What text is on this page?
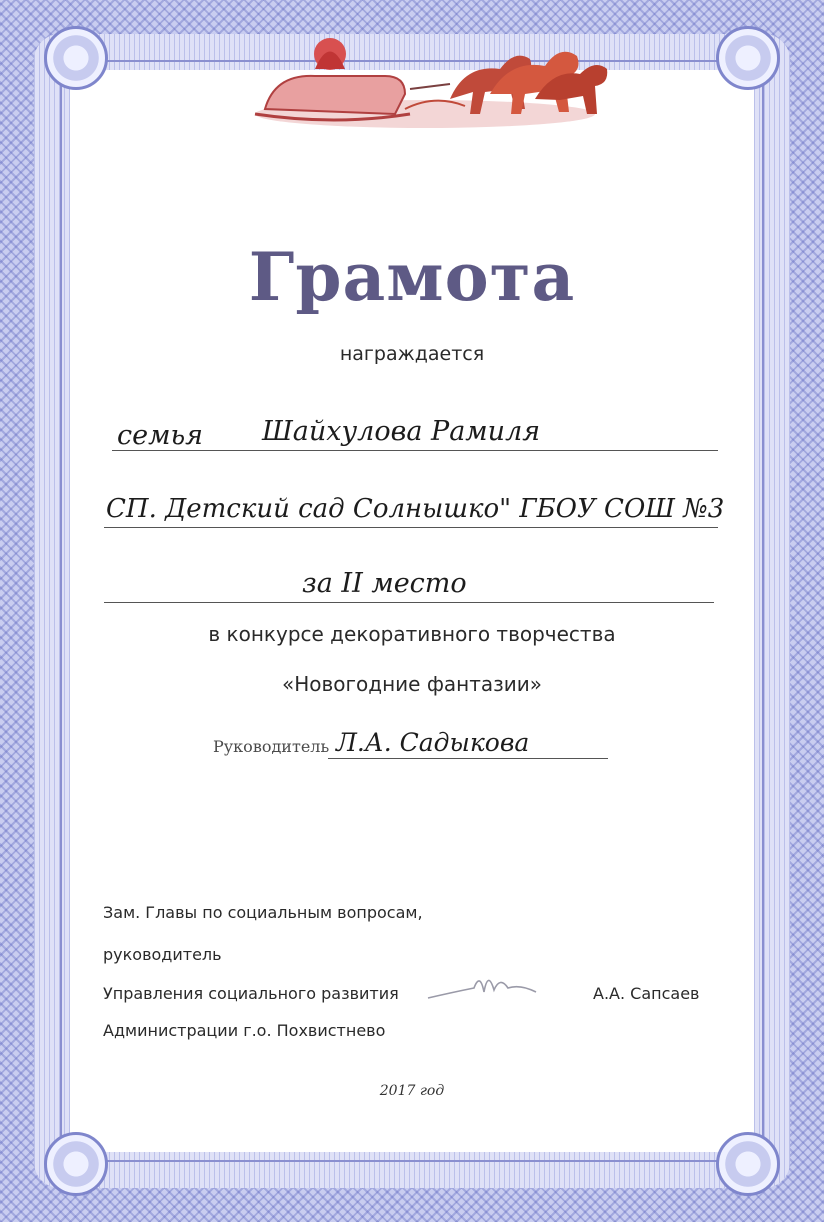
Грамота
награждается
семья Шайхулова Рамиля
СП. Детский сад Солнышко" ГБОУ СОШ №3
за II место
в конкурсе декоративного творчества
«Новогодние фантазии»
Руководитель Л.А. Садыкова
Зам. Главы по социальным вопросам,
руководитель
Управления социального развития
Администрации г.о. Похвистнево
А.А. Сапсаев
2017 год
